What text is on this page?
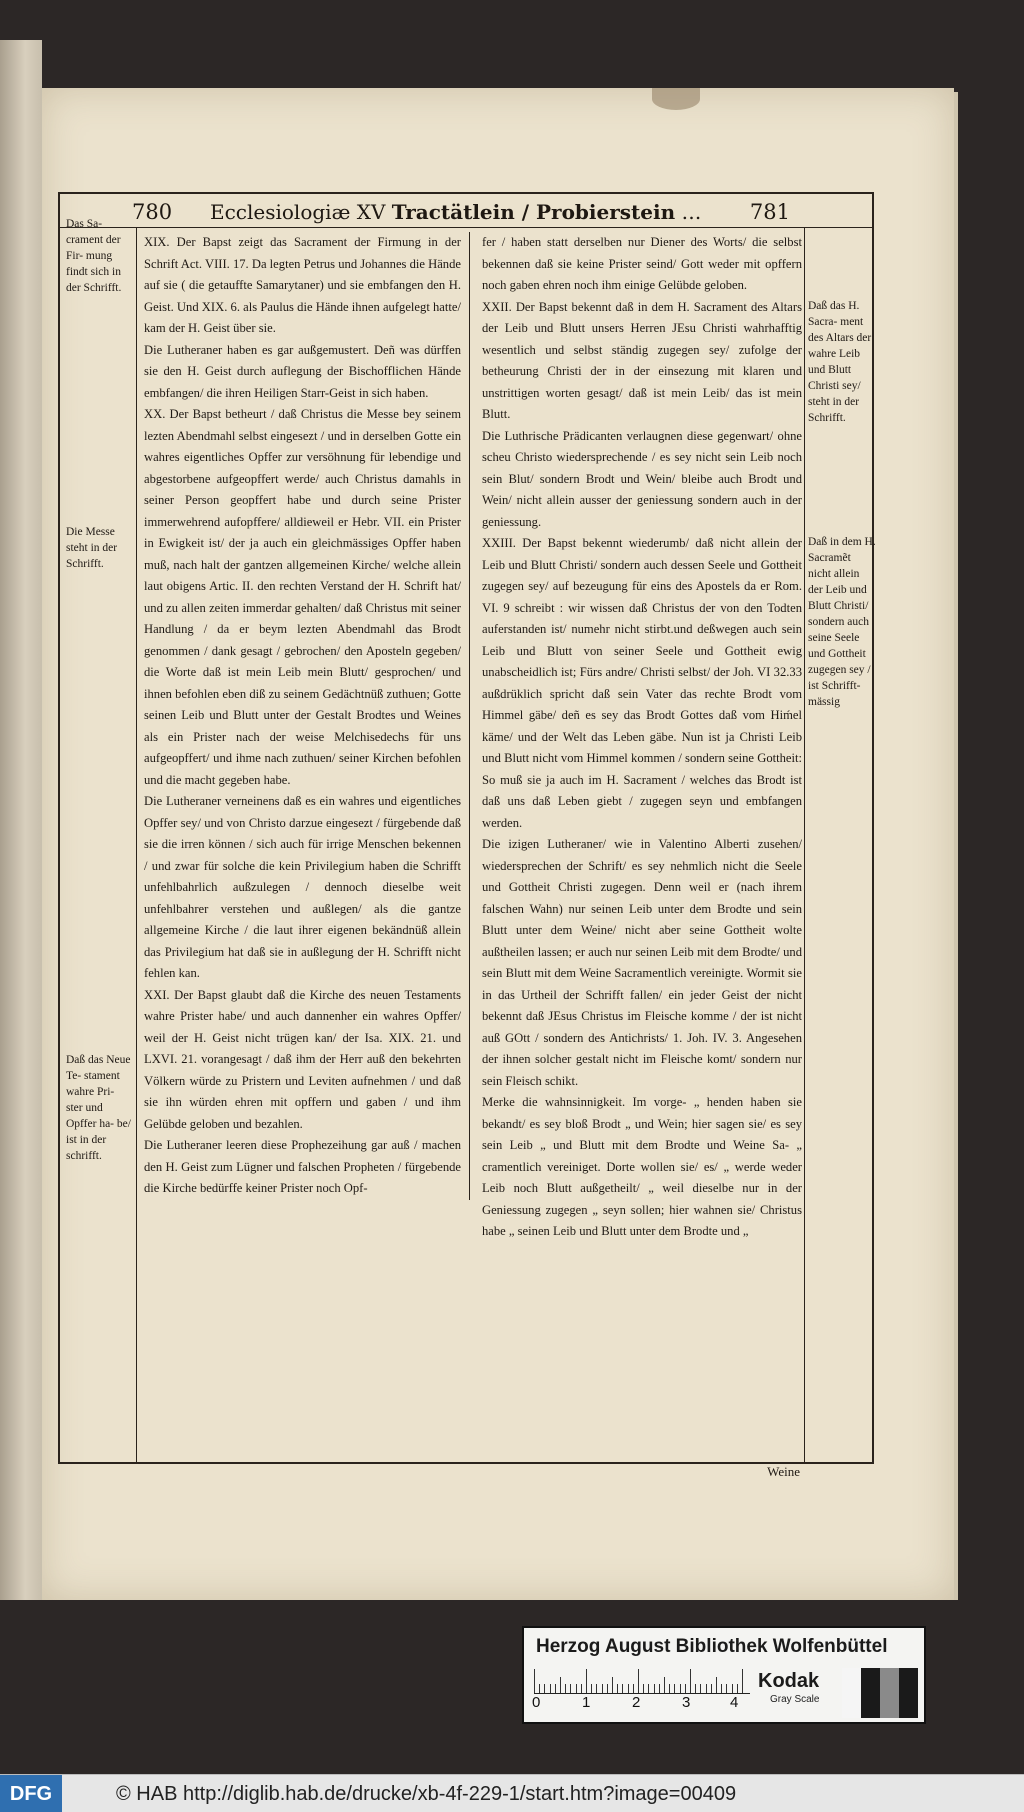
780 Ecclesiologiæ XV Tractätlein / Probierstein ‥. 781
Das Sa- crament der Fir- mung findt sich in der Schrifft.
Die Messe steht in der Schrifft.
Daß das Neue Te- stament wahre Pri- ster und Opffer ha- be/ ist in der schrifft.
Daß das H. Sacra- ment des Altars der wahre Leib und Blutt Christi sey/ steht in der Schrifft.
Daß in dem H. Sacramẽt nicht allein der Leib und Blutt Christi/ sondern auch seine Seele und Gottheit zugegen sey / ist Schrifft- mässig

XIX. Der Bapst zeigt das Sacrament der Firmung in der Schrift Act. VIII. 17. Da legten Petrus und Johannes die Hände auf sie ( die getauffte Samarytaner) und sie embfangen den H. Geist. Und XIX. 6. als Paulus die Hände ihnen aufgelegt hatte/ kam der H. Geist über sie.

Die Lutheraner haben es gar außgemustert. Deñ was dürffen sie den H. Geist durch auflegung der Bischofflichen Hände embfangen/ die ihren Heiligen Starr-Geist in sich haben.

XX. Der Bapst betheurt / daß Christus die Messe bey seinem lezten Abendmahl selbst eingesezt / und in derselben Gotte ein wahres eigentliches Opffer zur versöhnung für lebendige und abgestorbene aufgeopffert werde/ auch Christus damahls in seiner Person geopffert habe und durch seine Prister immerwehrend aufopffere/ alldieweil er Hebr. VII. ein Prister in Ewigkeit ist/ der ja auch ein gleichmässiges Opffer haben muß, nach halt der gantzen allgemeinen Kirche/ welche allein laut obigens Artic. II. den rechten Verstand der H. Schrift hat/ und zu allen zeiten immerdar gehalten/ daß Christus mit seiner Handlung / da er beym lezten Abendmahl das Brodt genommen / dank gesagt / gebrochen/ den Aposteln gegeben/ die Worte daß ist mein Leib mein Blutt/ gesprochen/ und ihnen befohlen eben diß zu seinem Gedächtnüß zuthuen; Gotte seinen Leib und Blutt unter der Gestalt Brodtes und Weines als ein Prister nach der weise Melchisedechs für uns aufgeopffert/ und ihme nach zuthuen/ seiner Kirchen befohlen und die macht gegeben habe.

Die Lutheraner verneinens daß es ein wahres und eigentliches Opffer sey/ und von Christo darzue eingesezt / fürgebende daß sie die irren können / sich auch für irrige Menschen bekennen / und zwar für solche die kein Privilegium haben die Schrifft unfehlbahrlich außzulegen / dennoch dieselbe weit unfehlbahrer verstehen und außlegen/ als die gantze allgemeine Kirche / die laut ihrer eigenen bekändnüß allein das Privilegium hat daß sie in außlegung der H. Schrifft nicht fehlen kan.

XXI. Der Bapst glaubt daß die Kirche des neuen Testaments wahre Prister habe/ und auch dannenher ein wahres Opffer/ weil der H. Geist nicht trügen kan/ der Isa. XIX. 21. und LXVI. 21. vorangesagt / daß ihm der Herr auß den bekehrten Völkern würde zu Pristern und Leviten aufnehmen / und daß sie ihn würden ehren mit opffern und gaben / und ihm Gelübde geloben und bezahlen.

Die Lutheraner leeren diese Prophezeihung gar auß / machen den H. Geist zum Lügner und falschen Propheten / fürgebende die Kirche bedürffe keiner Prister noch Opf-

fer / haben statt derselben nur Diener des Worts/ die selbst bekennen daß sie keine Prister seind/ Gott weder mit opffern noch gaben ehren noch ihm einige Gelübde geloben.

XXII. Der Bapst bekennt daß in dem H. Sacrament des Altars der Leib und Blutt unsers Herren JEsu Christi wahrhafftig wesentlich und selbst ständig zugegen sey/ zufolge der betheurung Christi der in der einsezung mit klaren und unstrittigen worten gesagt/ daß ist mein Leib/ das ist mein Blutt.

Die Luthrische Prädicanten verlaugnen diese gegenwart/ ohne scheu Christo wiedersprechende / es sey nicht sein Leib noch sein Blut/ sondern Brodt und Wein/ bleibe auch Brodt und Wein/ nicht allein ausser der geniessung sondern auch in der geniessung.

XXIII. Der Bapst bekennt wiederumb/ daß nicht allein der Leib und Blutt Christi/ sondern auch dessen Seele und Gottheit zugegen sey/ auf bezeugung für eins des Apostels da er Rom. VI. 9 schreibt : wir wissen daß Christus der von den Todten auferstanden ist/ numehr nicht stirbt.und deßwegen auch sein Leib und Blutt von seiner Seele und Gottheit ewig unabscheidlich ist; Fürs andre/ Christi selbst/ der Joh. VI 32.33 außdrüklich spricht daß sein Vater das rechte Brodt vom Himmel gäbe/ deñ es sey das Brodt Gottes daß vom Hiḿel käme/ und der Welt das Leben gäbe. Nun ist ja Christi Leib und Blutt nicht vom Himmel kommen / sondern seine Gottheit: So muß sie ja auch im H. Sacrament / welches das Brodt ist daß uns daß Leben giebt / zugegen seyn und embfangen werden.

Die izigen Lutheraner/ wie in Valentino Alberti zusehen/ wiedersprechen der Schrift/ es sey nehmlich nicht die Seele und Gottheit Christi zugegen. Denn weil er (nach ihrem falschen Wahn) nur seinen Leib unter dem Brodte und sein Blutt unter dem Weine/ nicht aber seine Gottheit wolte außtheilen lassen; er auch nur seinen Leib mit dem Brodte/ und sein Blutt mit dem Weine Sacramentlich vereinigte. Wormit sie in das Urtheil der Schrifft fallen/ ein jeder Geist der nicht bekennt daß JEsus Christus im Fleische komme / der ist nicht auß GOtt / sondern des Antichrists/ 1. Joh. IV. 3. Angesehen der ihnen solcher gestalt nicht im Fleische komt/ sondern nur sein Fleisch schikt.

Merke die wahnsinnigkeit. Im vorge- „ henden haben sie bekandt/ es sey bloß Brodt „ und Wein; hier sagen sie/ es sey sein Leib „ und Blutt mit dem Brodte und Weine Sa- „ cramentlich vereiniget. Dorte wollen sie/ es/ „ werde weder Leib noch Blutt außgetheilt/ „ weil dieselbe nur in der Geniessung zugegen „ seyn sollen; hier wahnen sie/ Christus habe „ seinen Leib und Blutt unter dem Brodte und „

Weine
Herzog August Bibliothek Wolfenbüttel
0	1	2	3	4
Kodak
Gray Scale
DFG	© HAB http://diglib.hab.de/drucke/xb-4f-229-1/start.htm?image=00409
